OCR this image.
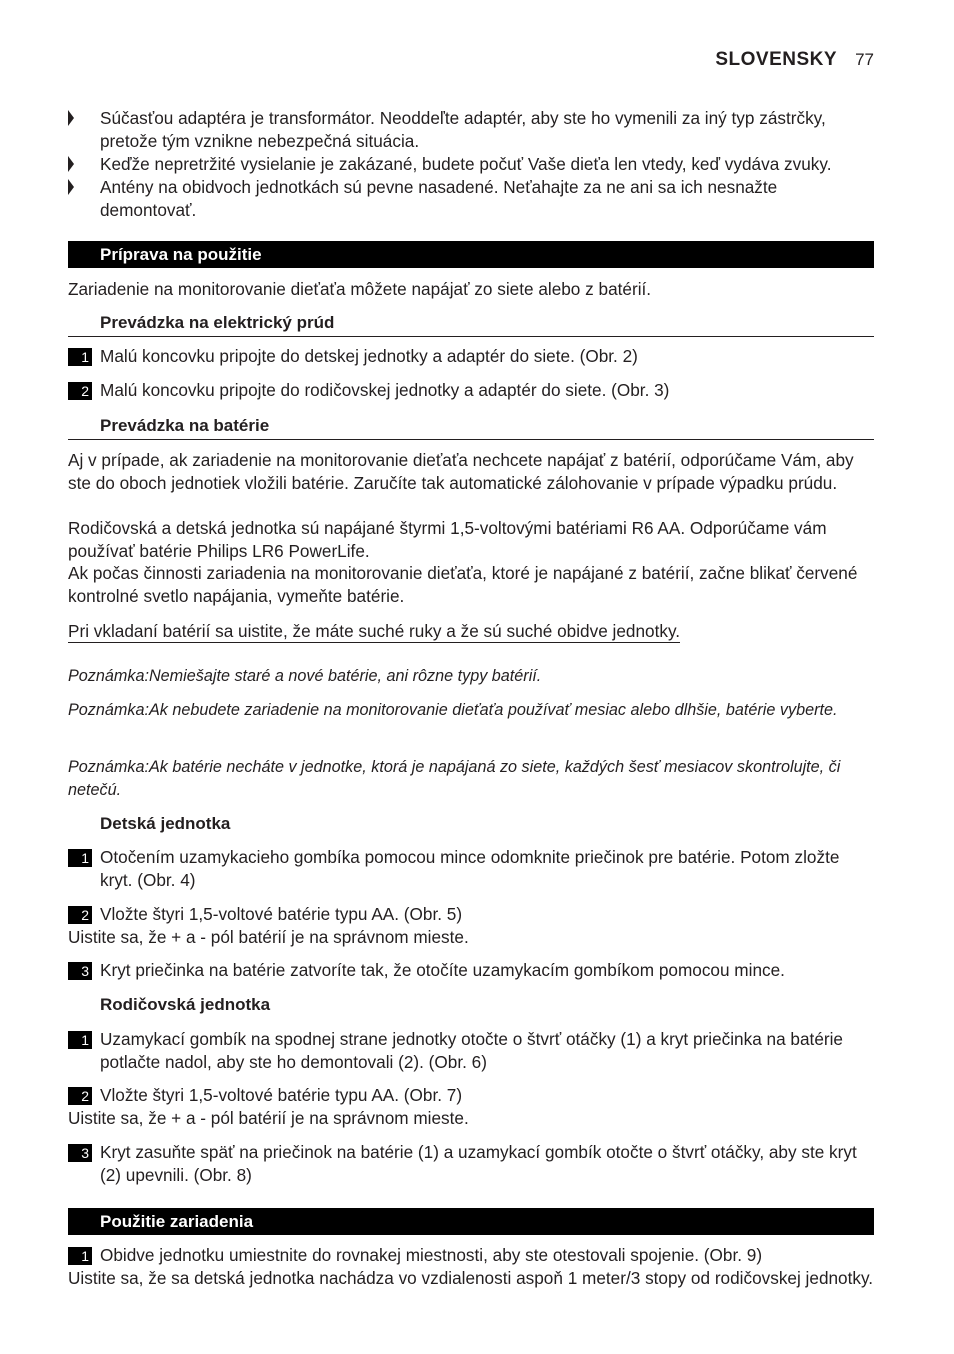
SLOVENSKY 77
Súčasťou adaptéra je transformátor. Neoddeľte adaptér, aby ste ho vymenili za iný typ zástrčky, pretože tým vznikne nebezpečná situácia.
Keďže nepretržité vysielanie je zakázané, budete počuť Vaše dieťa len vtedy, keď vydáva zvuky.
Antény na obidvoch jednotkách sú pevne nasadené. Neťahajte za ne ani sa ich nesnažte demontovať.
Príprava na použitie
Zariadenie na monitorovanie dieťaťa môžete napájať zo siete alebo z batérií.
Prevádzka na elektrický prúd
1 Malú koncovku pripojte do detskej jednotky a adaptér do siete. (Obr. 2)
2 Malú koncovku pripojte do rodičovskej jednotky a adaptér do siete. (Obr. 3)
Prevádzka na batérie
Aj v prípade, ak zariadenie na monitorovanie dieťaťa nechcete napájať z batérií, odporúčame Vám, aby ste do oboch jednotiek vložili batérie. Zaručíte tak automatické zálohovanie v prípade výpadku prúdu.
Rodičovská a detská jednotka sú napájané štyrmi 1,5-voltovými batériami R6 AA. Odporúčame vám používať batérie Philips LR6 PowerLife.
Ak počas činnosti zariadenia na monitorovanie dieťaťa, ktoré je napájané z batérií, začne blikať červené kontrolné svetlo napájania, vymeňte batérie.
Pri vkladaní batérií sa uistite, že máte suché ruky a že sú suché obidve jednotky.
Poznámka:Nemiešajte staré a nové batérie, ani rôzne typy batérií.
Poznámka:Ak nebudete zariadenie na monitorovanie dieťaťa používať mesiac alebo dlhšie, batérie vyberte.
Poznámka:Ak batérie necháte v jednotke, ktorá je napájaná zo siete, každých šesť mesiacov skontrolujte, či netečú.
Detská jednotka
1 Otočením uzamykacieho gombíka pomocou mince odomknite priečinok pre batérie. Potom zložte kryt. (Obr. 4)
2 Vložte štyri 1,5-voltové batérie typu AA. (Obr. 5)
Uistite sa, že + a - pól batérií je na správnom mieste.
3 Kryt priečinka na batérie zatvoríte tak, že otočíte uzamykacím gombíkom pomocou mince.
Rodičovská jednotka
1 Uzamykací gombík na spodnej strane jednotky otočte o štvrť otáčky (1) a kryt priečinka na batérie potlačte nadol, aby ste ho demontovali (2). (Obr. 6)
2 Vložte štyri 1,5-voltové batérie typu AA. (Obr. 7)
Uistite sa, že + a - pól batérií je na správnom mieste.
3 Kryt zasuňte späť na priečinok na batérie (1) a uzamykací gombík otočte o štvrť otáčky, aby ste kryt (2) upevnili. (Obr. 8)
Použitie zariadenia
1 Obidve jednotku umiestnite do rovnakej miestnosti, aby ste otestovali spojenie. (Obr. 9)
Uistite sa, že sa detská jednotka nachádza vo vzdialenosti aspoň 1 meter/3 stopy od rodičovskej jednotky.
